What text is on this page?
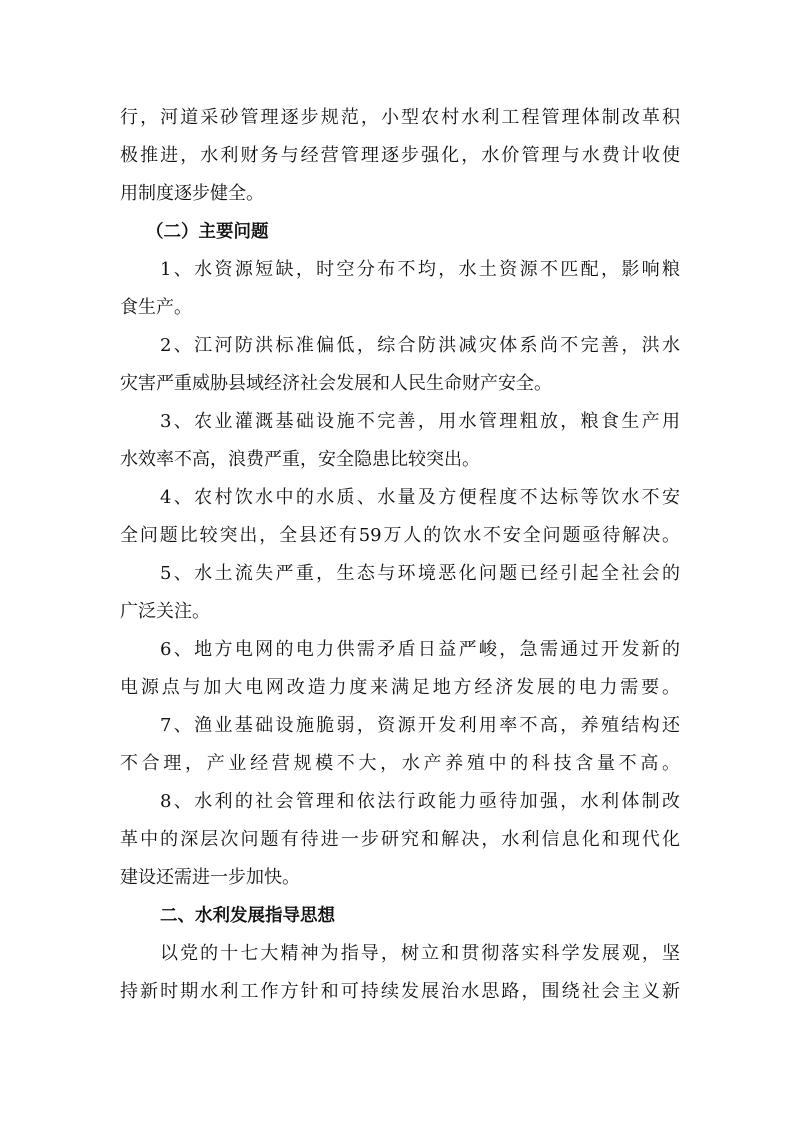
行，河道采砂管理逐步规范，小型农村水利工程管理体制改革积
极推进，水利财务与经营管理逐步强化，水价管理与水费计收使
用制度逐步健全。
（二）主要问题
1、水资源短缺，时空分布不均，水土资源不匹配，影响粮
食生产。
2、江河防洪标准偏低，综合防洪减灾体系尚不完善，洪水
灾害严重威胁县域经济社会发展和人民生命财产安全。
3、农业灌溉基础设施不完善，用水管理粗放，粮食生产用
水效率不高，浪费严重，安全隐患比较突出。
4、农村饮水中的水质、水量及方便程度不达标等饮水不安
全问题比较突出，全县还有59万人的饮水不安全问题亟待解决。
5、水土流失严重，生态与环境恶化问题已经引起全社会的
广泛关注。
6、地方电网的电力供需矛盾日益严峻，急需通过开发新的
电源点与加大电网改造力度来满足地方经济发展的电力需要。
7、渔业基础设施脆弱，资源开发利用率不高，养殖结构还
不合理，产业经营规模不大，水产养殖中的科技含量不高。
8、水利的社会管理和依法行政能力亟待加强，水利体制改
革中的深层次问题有待进一步研究和解决，水利信息化和现代化
建设还需进一步加快。
二、水利发展指导思想
以党的十七大精神为指导，树立和贯彻落实科学发展观，坚
持新时期水利工作方针和可持续发展治水思路，围绕社会主义新
